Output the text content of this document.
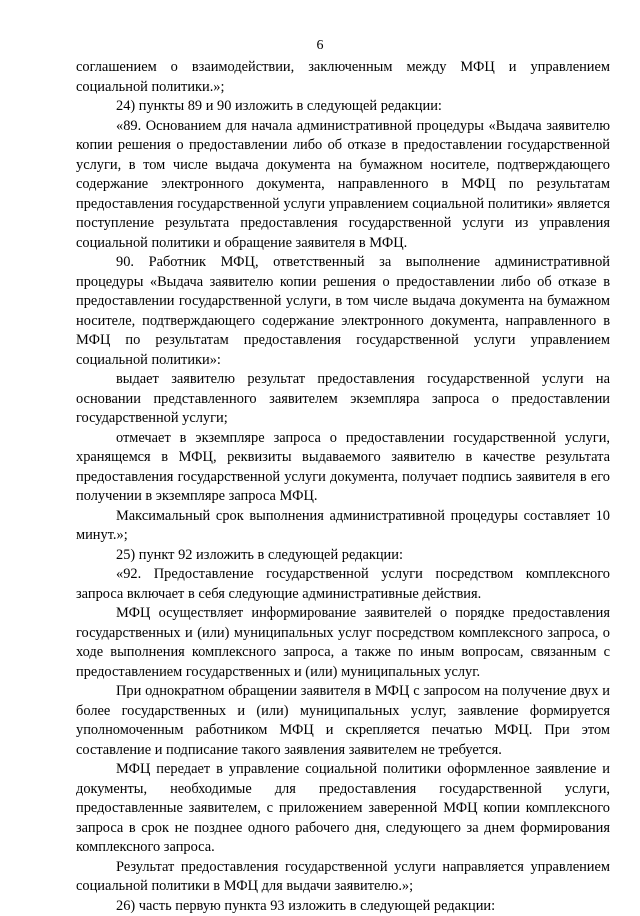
6

соглашением о взаимодействии, заключенным между МФЦ и управлением социальной политики.»;

24) пункты 89 и 90 изложить в следующей редакции:

«89. Основанием для начала административной процедуры «Выдача заявителю копии решения о предоставлении либо об отказе в предоставлении государственной услуги, в том числе выдача документа на бумажном носителе, подтверждающего содержание электронного документа, направленного в МФЦ по результатам предоставления государственной услуги управлением социальной политики» является поступление результата предоставления государственной услуги из управления социальной политики и обращение заявителя в МФЦ.

90. Работник МФЦ, ответственный за выполнение административной процедуры «Выдача заявителю копии решения о предоставлении либо об отказе в предоставлении государственной услуги, в том числе выдача документа на бумажном носителе, подтверждающего содержание электронного документа, направленного в МФЦ по результатам предоставления государственной услуги управлением социальной политики»:

выдает заявителю результат предоставления государственной услуги на основании представленного заявителем экземпляра запроса о предоставлении государственной услуги;

отмечает в экземпляре запроса о предоставлении государственной услуги, хранящемся в МФЦ, реквизиты выдаваемого заявителю в качестве результата предоставления государственной услуги документа, получает подпись заявителя в его получении в экземпляре запроса МФЦ.

Максимальный срок выполнения административной процедуры составляет 10 минут.»;

25) пункт 92 изложить в следующей редакции:

«92. Предоставление государственной услуги посредством комплексного запроса включает в себя следующие административные действия.

МФЦ осуществляет информирование заявителей о порядке предоставления государственных и (или) муниципальных услуг посредством комплексного запроса, о ходе выполнения комплексного запроса, а также по иным вопросам, связанным с предоставлением государственных и (или) муниципальных услуг.

При однократном обращении заявителя в МФЦ с запросом на получение двух и более государственных и (или) муниципальных услуг, заявление формируется уполномоченным работником МФЦ и скрепляется печатью МФЦ. При этом составление и подписание такого заявления заявителем не требуется.

МФЦ передает в управление социальной политики оформленное заявление и документы, необходимые для предоставления государственной услуги, предоставленные заявителем, с приложением заверенной МФЦ копии комплексного запроса в срок не позднее одного рабочего дня, следующего за днем формирования комплексного запроса.

Результат предоставления государственной услуги направляется управлением социальной политики в МФЦ для выдачи заявителю.»;

26) часть первую пункта 93 изложить в следующей редакции:
